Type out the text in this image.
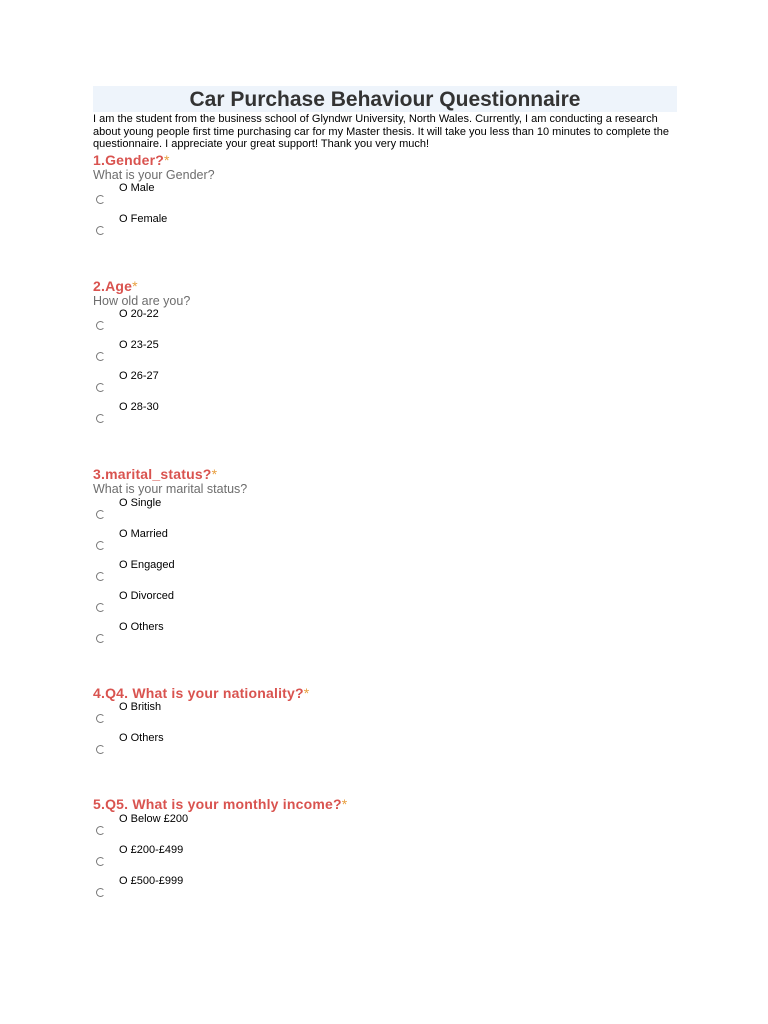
Car Purchase Behaviour Questionnaire
I am the student from the business school of Glyndwr University, North Wales. Currently, I am conducting a research about young people first time purchasing car for my Master thesis. It will take you less than 10 minutes to complete the questionnaire. I appreciate your great support! Thank you very much!
1.Gender?*
What is your Gender?
O Male
O Female
2.Age*
How old are you?
O 20-22
O 23-25
O 26-27
O 28-30
3.marital_status?*
What is your marital status?
O Single
O Married
O Engaged
O Divorced
O Others
4.Q4. What is your nationality?*
O British
O Others
5.Q5. What is your monthly income?*
O Below £200
O £200-£499
O £500-£999
